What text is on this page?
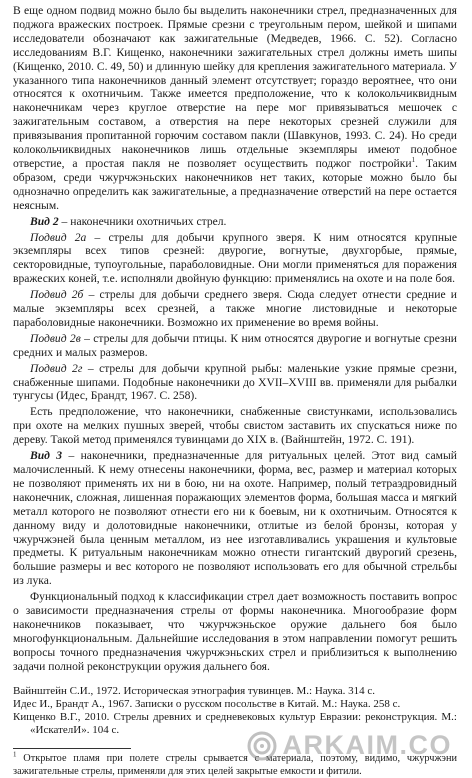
В еще одном подвид можно было бы выделить наконечники стрел, предназначенных для поджога вражеских построек. Прямые срезни с треугольным пером, шейкой и шипами исследователи обозначают как зажигательные (Медведев, 1966. С. 52). Согласно исследованиям В.Г. Кищенко, наконечники зажигательных стрел должны иметь шипы (Кищенко, 2010. С. 49, 50) и длинную шейку для крепления зажигательного материала. У указанного типа наконечников данный элемент отсутствует; гораздо вероятнее, что они относятся к охотничьим. Также имеется предположение, что к колокольчиквидным наконечникам через круглое отверстие на пере мог привязываться мешочек с зажигательным составом, а отверстия на пере некоторых срезней служили для привязывания пропитанной горючим составом пакли (Шавкунов, 1993. С. 24). Но среди колокольчиквидных наконечников лишь отдельные экземпляры имеют подобное отверстие, а простая пакля не позволяет осуществить поджог постройки$^1$. Таким образом, среди чжурчжэньских наконечников нет таких, которые можно было бы однозначно определить как зажигательные, а предназначение отверстий на пере остается неясным.

Вид 2 – наконечники охотничьих стрел.

Подвид 2а – стрелы для добычи крупного зверя. К ним относятся крупные экземпляры всех типов срезней: двурогие, вогнутые, двухгорбые, прямые, секторовидные, тупоугольные, параболовидные. Они могли применяться для поражения вражеских коней, т.е. исполняли двойную функцию: применялись на охоте и на поле боя.

Подвид 2б – стрелы для добычи среднего зверя. Сюда следует отнести средние и малые экземпляры всех срезней, а также многие листовидные и некоторые параболовидные наконечники. Возможно их применение во время войны.

Подвид 2в – стрелы для добычи птицы. К ним относятся двурогие и вогнутые срезни средних и малых размеров.

Подвид 2г – стрелы для добычи крупной рыбы: маленькие узкие прямые срезни, снабженные шипами. Подобные наконечники до XVII–XVIII вв. применяли для рыбалки тунгусы (Идес, Брандт, 1967. С. 258).

Есть предположение, что наконечники, снабженные свистунками, использовались при охоте на мелких пушных зверей, чтобы свистом заставить их спускаться ниже по дереву. Такой метод применялся тувинцами до XIX в. (Вайнштейн, 1972. С. 191).

Вид 3 – наконечники, предназначенные для ритуальных целей. Этот вид самый малочисленный. К нему отнесены наконечники, форма, вес, размер и материал которых не позволяют применять их ни в бою, ни на охоте. Например, полый тетраэдровидный наконечник, сложная, лишенная поражающих элементов форма, большая масса и мягкий металл которого не позволяют отнести его ни к боевым, ни к охотничьим. Относятся к данному виду и долотовидные наконечники, отлитые из белой бронзы, которая у чжурчжэней была ценным металлом, из нее изготавливались украшения и культовые предметы. К ритуальным наконечникам можно отнести гигантский двурогий срезень, большие размеры и вес которого не позволяют использовать его для обычной стрельбы из лука.

Функциональный подход к классификации стрел дает возможность поставить вопрос о зависимости предназначения стрелы от формы наконечника. Многообразие форм наконечников показывает, что чжурчжэньское оружие дальнего боя было многофункциональным. Дальнейшие исследования в этом направлении помогут решить вопросы точного предназначения чжурчжэньских стрел и приблизиться к выполнению задачи полной реконструкции оружия дальнего боя.

Вайнштейн С.И., 1972. Историческая этнография тувинцев. М.: Наука. 314 с.

Идес И., Брандт А., 1967. Записки о русском посольстве в Китай. М.: Наука. 258 с.

Кищенко В.Г., 2010. Стрелы древних и средневековых культур Евразии: реконструкция. М.: «ИскателИ». 104 с.

$^1$ Открытое пламя при полете стрелы срывается с материала, поэтому, видимо, чжурчжэни зажигательные стрелы, применяли для этих целей закрытые емкости и фитили.

ARKAIM.CO
